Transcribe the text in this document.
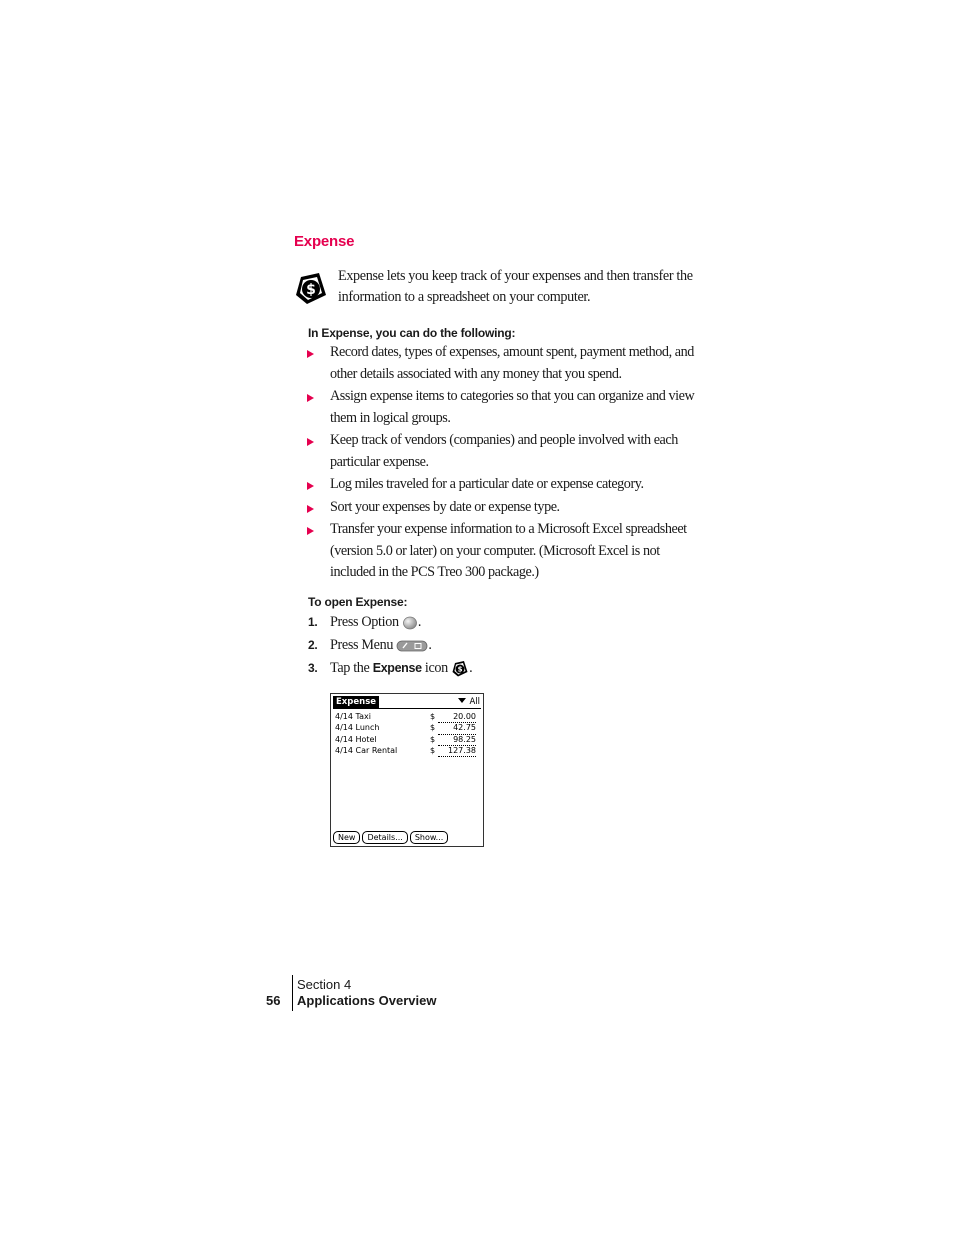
Expense
$
Expense lets you keep track of your expenses and then transfer the information to a spreadsheet on your computer.
In Expense, you can do the following:
Record dates, types of expenses, amount spent, payment method, and other details associated with any money that you spend.
Assign expense items to categories so that you can organize and view them in logical groups.
Keep track of vendors (companies) and people involved with each particular expense.
Log miles traveled for a particular date or expense category.
Sort your expenses by date or expense type.
Transfer your expense information to a Microsoft Excel spreadsheet (version 5.0 or later) on your computer. (Microsoft Excel is not included in the PCS Treo 300 package.)
To open Expense:
1. Press Option .
2. Press Menu .
3. Tap the Expense icon $ .
Expense	All
4/14 Taxi	$	20.00
4/14 Lunch	$	42.75
4/14 Hotel	$	98.25
4/14 Car Rental	$	127.38
New Details... Show...
56
Section 4
Applications Overview
